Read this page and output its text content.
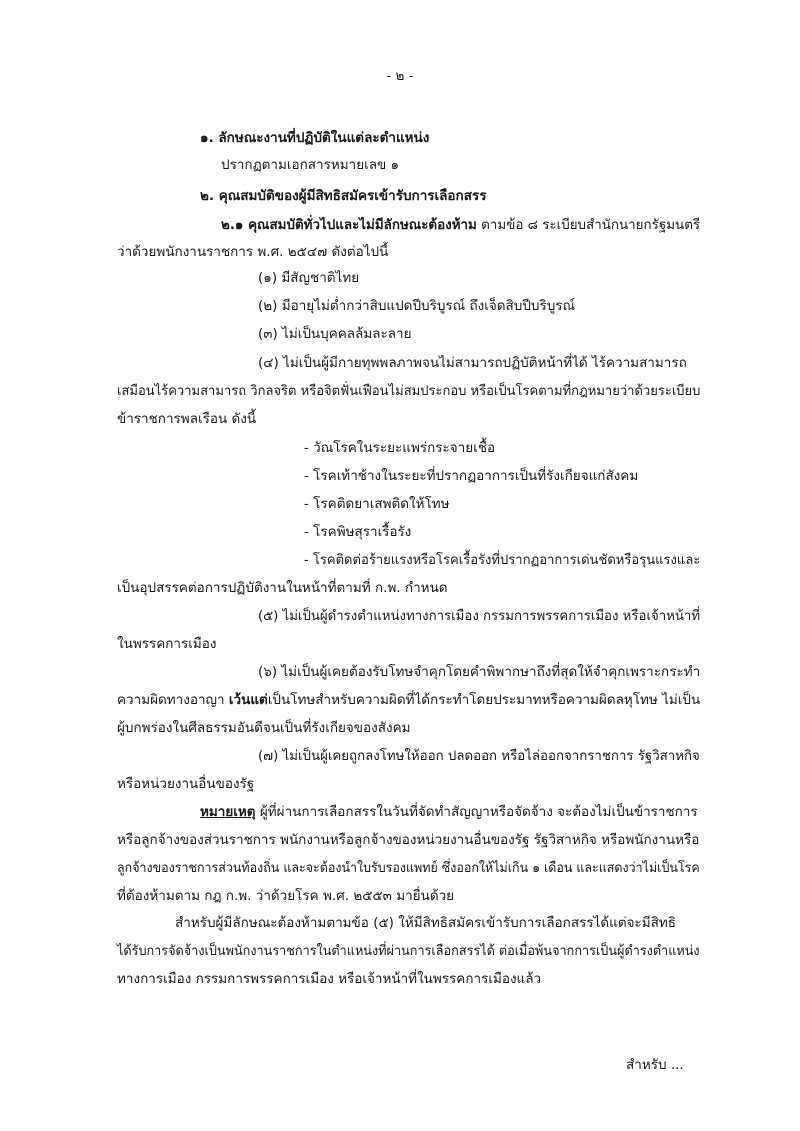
- ๒ -
๑. ลักษณะงานที่ปฏิบัติในแต่ละตำแหน่ง
ปรากฏตามเอกสารหมายเลข ๑
๒. คุณสมบัติของผู้มีสิทธิสมัครเข้ารับการเลือกสรร
๒.๑ คุณสมบัติทั่วไปและไม่มีลักษณะต้องห้าม ตามข้อ ๘ ระเบียบสำนักนายกรัฐมนตรี
ว่าด้วยพนักงานราชการ พ.ศ. ๒๕๔๗ ดังต่อไปนี้
(๑) มีสัญชาติไทย
(๒) มีอายุไม่ต่ำกว่าสิบแปดปีบริบูรณ์ ถึงเจ็ดสิบปีบริบูรณ์
(๓) ไม่เป็นบุคคลล้มละลาย
(๔) ไม่เป็นผู้มีกายทุพพลภาพจนไม่สามารถปฏิบัติหน้าที่ได้ ไร้ความสามารถ
เสมือนไร้ความสามารถ วิกลจริต หรือจิตฟั่นเฟือนไม่สมประกอบ หรือเป็นโรคตามที่กฎหมายว่าด้วยระเบียบ
ข้าราชการพลเรือน ดังนี้
- วัณโรคในระยะแพร่กระจายเชื้อ
- โรคเท้าช้างในระยะที่ปรากฏอาการเป็นที่รังเกียจแก่สังคม
- โรคติดยาเสพติดให้โทษ
- โรคพิษสุราเรื้อรัง
- โรคติดต่อร้ายแรงหรือโรคเรื้อรังที่ปรากฏอาการเด่นชัดหรือรุนแรงและ
เป็นอุปสรรคต่อการปฏิบัติงานในหน้าที่ตามที่ ก.พ. กำหนด
(๕) ไม่เป็นผู้ดำรงตำแหน่งทางการเมือง กรรมการพรรคการเมือง หรือเจ้าหน้าที่
ในพรรคการเมือง
(๖) ไม่เป็นผู้เคยต้องรับโทษจำคุกโดยคำพิพากษาถึงที่สุดให้จำคุกเพราะกระทำ
ความผิดทางอาญา เว้นแต่เป็นโทษสำหรับความผิดที่ได้กระทำโดยประมาทหรือความผิดลหุโทษ ไม่เป็น
ผู้บกพร่องในศีลธรรมอันดีจนเป็นที่รังเกียจของสังคม
(๗) ไม่เป็นผู้เคยถูกลงโทษให้ออก ปลดออก หรือไล่ออกจากราชการ รัฐวิสาหกิจ
หรือหน่วยงานอื่นของรัฐ
หมายเหตุ ผู้ที่ผ่านการเลือกสรรในวันที่จัดทำสัญญาหรือจัดจ้าง จะต้องไม่เป็นข้าราชการ
หรือลูกจ้างของส่วนราชการ พนักงานหรือลูกจ้างของหน่วยงานอื่นของรัฐ รัฐวิสาหกิจ หรือพนักงานหรือ
ลูกจ้างของราชการส่วนท้องถิ่น และจะต้องนำใบรับรองแพทย์ ซึ่งออกให้ไม่เกิน ๑ เดือน และแสดงว่าไม่เป็นโรค
ที่ต้องห้ามตาม กฎ ก.พ. ว่าด้วยโรค พ.ศ. ๒๕๕๓ มายื่นด้วย
สำหรับผู้มีลักษณะต้องห้ามตามข้อ (๕) ให้มีสิทธิสมัครเข้ารับการเลือกสรรได้แต่จะมีสิทธิ
ได้รับการจัดจ้างเป็นพนักงานราชการในตำแหน่งที่ผ่านการเลือกสรรได้ ต่อเมื่อพ้นจากการเป็นผู้ดำรงตำแหน่ง
ทางการเมือง กรรมการพรรคการเมือง หรือเจ้าหน้าที่ในพรรคการเมืองแล้ว
สำหรับ ...
